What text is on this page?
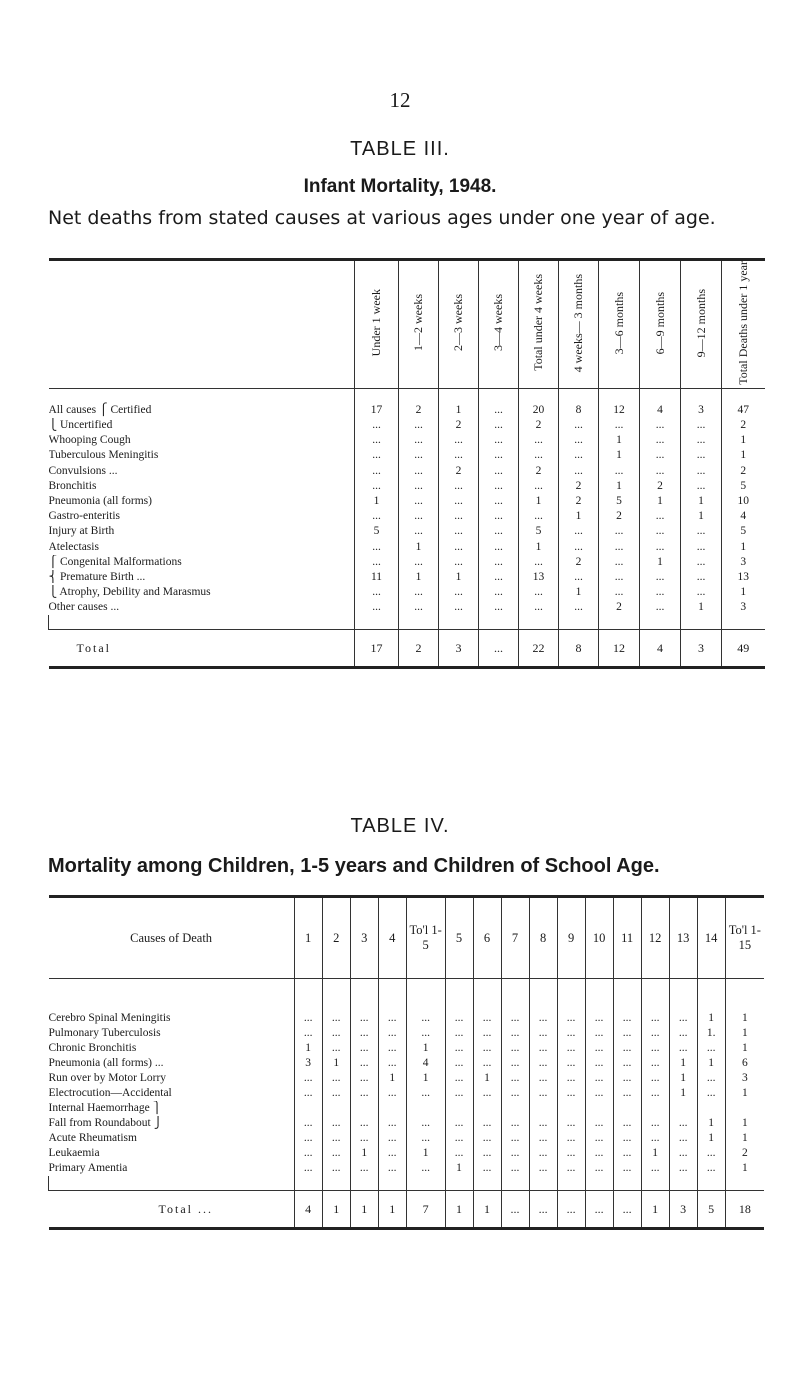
12
TABLE III.
Infant Mortality, 1948.
Net deaths from stated causes at various ages under one year of age.
	Under 1 week	1—2 weeks	2—3 weeks	3—4 weeks	Total under 4 weeks	4 weeks— 3 months	3—6 months	6—9 months	9—12 months	Total Deaths under 1 year
All causes ⎧ Certified	17	2	1	...	20	8	12	4	3	47
⎩ Uncertified	...	...	2	...	2	...	...	...	...	2
Whooping Cough	...	...	...	...	...	...	1	...	...	1
Tuberculous Meningitis	...	...	...	...	...	...	1	...	...	1
Convulsions ...	...	...	2	...	2	...	...	...	...	2
Bronchitis	...	...	...	...	...	2	1	2	...	5
Pneumonia (all forms)	1	...	...	...	1	2	5	1	1	10
Gastro-enteritis	...	...	...	...	...	1	2	...	1	4
Injury at Birth	5	...	...	...	5	...	...	...	...	5
Atelectasis	...	1	...	...	1	...	...	...	...	1
⎧ Congenital Malformations	...	...	...	...	...	2	...	1	...	3
⎨ Premature Birth ...	11	1	1	...	13	...	...	...	...	13
⎩ Atrophy, Debility and Marasmus	...	...	...	...	...	1	...	...	...	1
Other causes ...	...	...	...	...	...	...	2	...	1	3

Total	17	2	3	...	22	8	12	4	3	49
TABLE IV.
Mortality among Children, 1-5 years and Children of School Age.
Causes of Death	1	2	3	4	To'l 1-5	5	6	7	8	9	10	11	12	13	14	To'l 1-15
Cerebro Spinal Meningitis	...	...	...	...	...	...	...	...	...	...	...	...	...	...	1	1
Pulmonary Tuberculosis	...	...	...	...	...	...	...	...	...	...	...	...	...	...	1.	1
Chronic Bronchitis	1	...	...	...	1	...	...	...	...	...	...	...	...	...	...	1
Pneumonia (all forms) ...	3	1	...	...	4	...	...	...	...	...	...	...	...	1	1	6
Run over by Motor Lorry	...	...	...	1	1	...	1	...	...	...	...	...	...	1	...	3
Electrocution—Accidental	...	...	...	...	...	...	...	...	...	...	...	...	...	1	...	1
Internal Haemorrhage ⎫																
Fall from Roundabout ⎭	...	...	...	...	...	...	...	...	...	...	...	...	...	...	1	1
Acute Rheumatism	...	...	...	...	...	...	...	...	...	...	...	...	...	...	1	1
Leukaemia	...	...	1	...	1	...	...	...	...	...	...	...	1	...	...	2
Primary Amentia	...	...	...	...	...	1	...	...	...	...	...	...	...	...	...	1

Total ...	4	1	1	1	7	1	1	...	...	...	...	...	1	3	5	18
